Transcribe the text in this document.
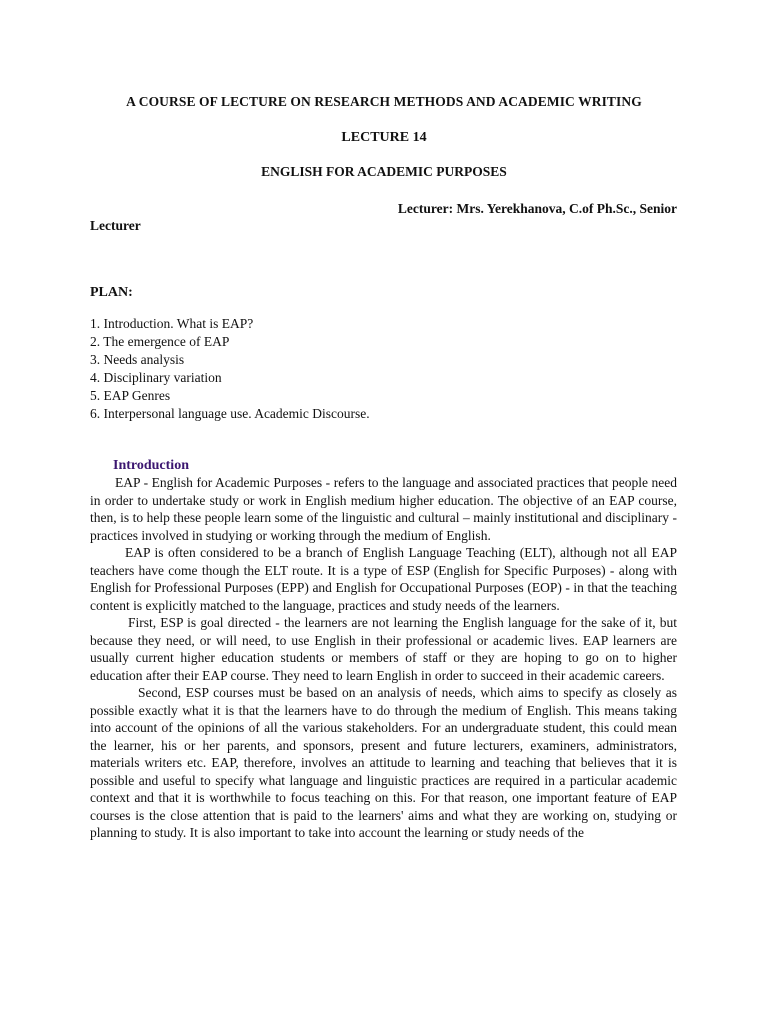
A COURSE OF LECTURE ON RESEARCH METHODS AND ACADEMIC WRITING
LECTURE 14
ENGLISH FOR ACADEMIC PURPOSES
Lecturer: Mrs. Yerekhanova, C.of Ph.Sc., Senior
Lecturer
PLAN:
1. Introduction. What is EAP?
2. The emergence of EAP
3. Needs analysis
4. Disciplinary variation
5. EAP Genres
6. Interpersonal language use. Academic Discourse.
Introduction

EAP - English for Academic Purposes - refers to the language and associated practices that people need in order to undertake study or work in English medium higher education. The objective of an EAP course, then, is to help these people learn some of the linguistic and cultural – mainly institutional and disciplinary - practices involved in studying or working through the medium of English.

EAP is often considered to be a branch of English Language Teaching (ELT), although not all EAP teachers have come though the ELT route. It is a type of ESP (English for Specific Purposes) - along with English for Professional Purposes (EPP) and English for Occupational Purposes (EOP) - in that the teaching content is explicitly matched to the language, practices and study needs of the learners.

First, ESP is goal directed - the learners are not learning the English language for the sake of it, but because they need, or will need, to use English in their professional or academic lives. EAP learners are usually current higher education students or members of staff or they are hoping to go on to higher education after their EAP course. They need to learn English in order to succeed in their academic careers.

Second, ESP courses must be based on an analysis of needs, which aims to specify as closely as possible exactly what it is that the learners have to do through the medium of English. This means taking into account of the opinions of all the various stakeholders. For an undergraduate student, this could mean the learner, his or her parents, and sponsors, present and future lecturers, examiners, administrators, materials writers etc. EAP, therefore, involves an attitude to learning and teaching that believes that it is possible and useful to specify what language and linguistic practices are required in a particular academic context and that it is worthwhile to focus teaching on this. For that reason, one important feature of EAP courses is the close attention that is paid to the learners' aims and what they are working on, studying or planning to study. It is also important to take into account the learning or study needs of the
